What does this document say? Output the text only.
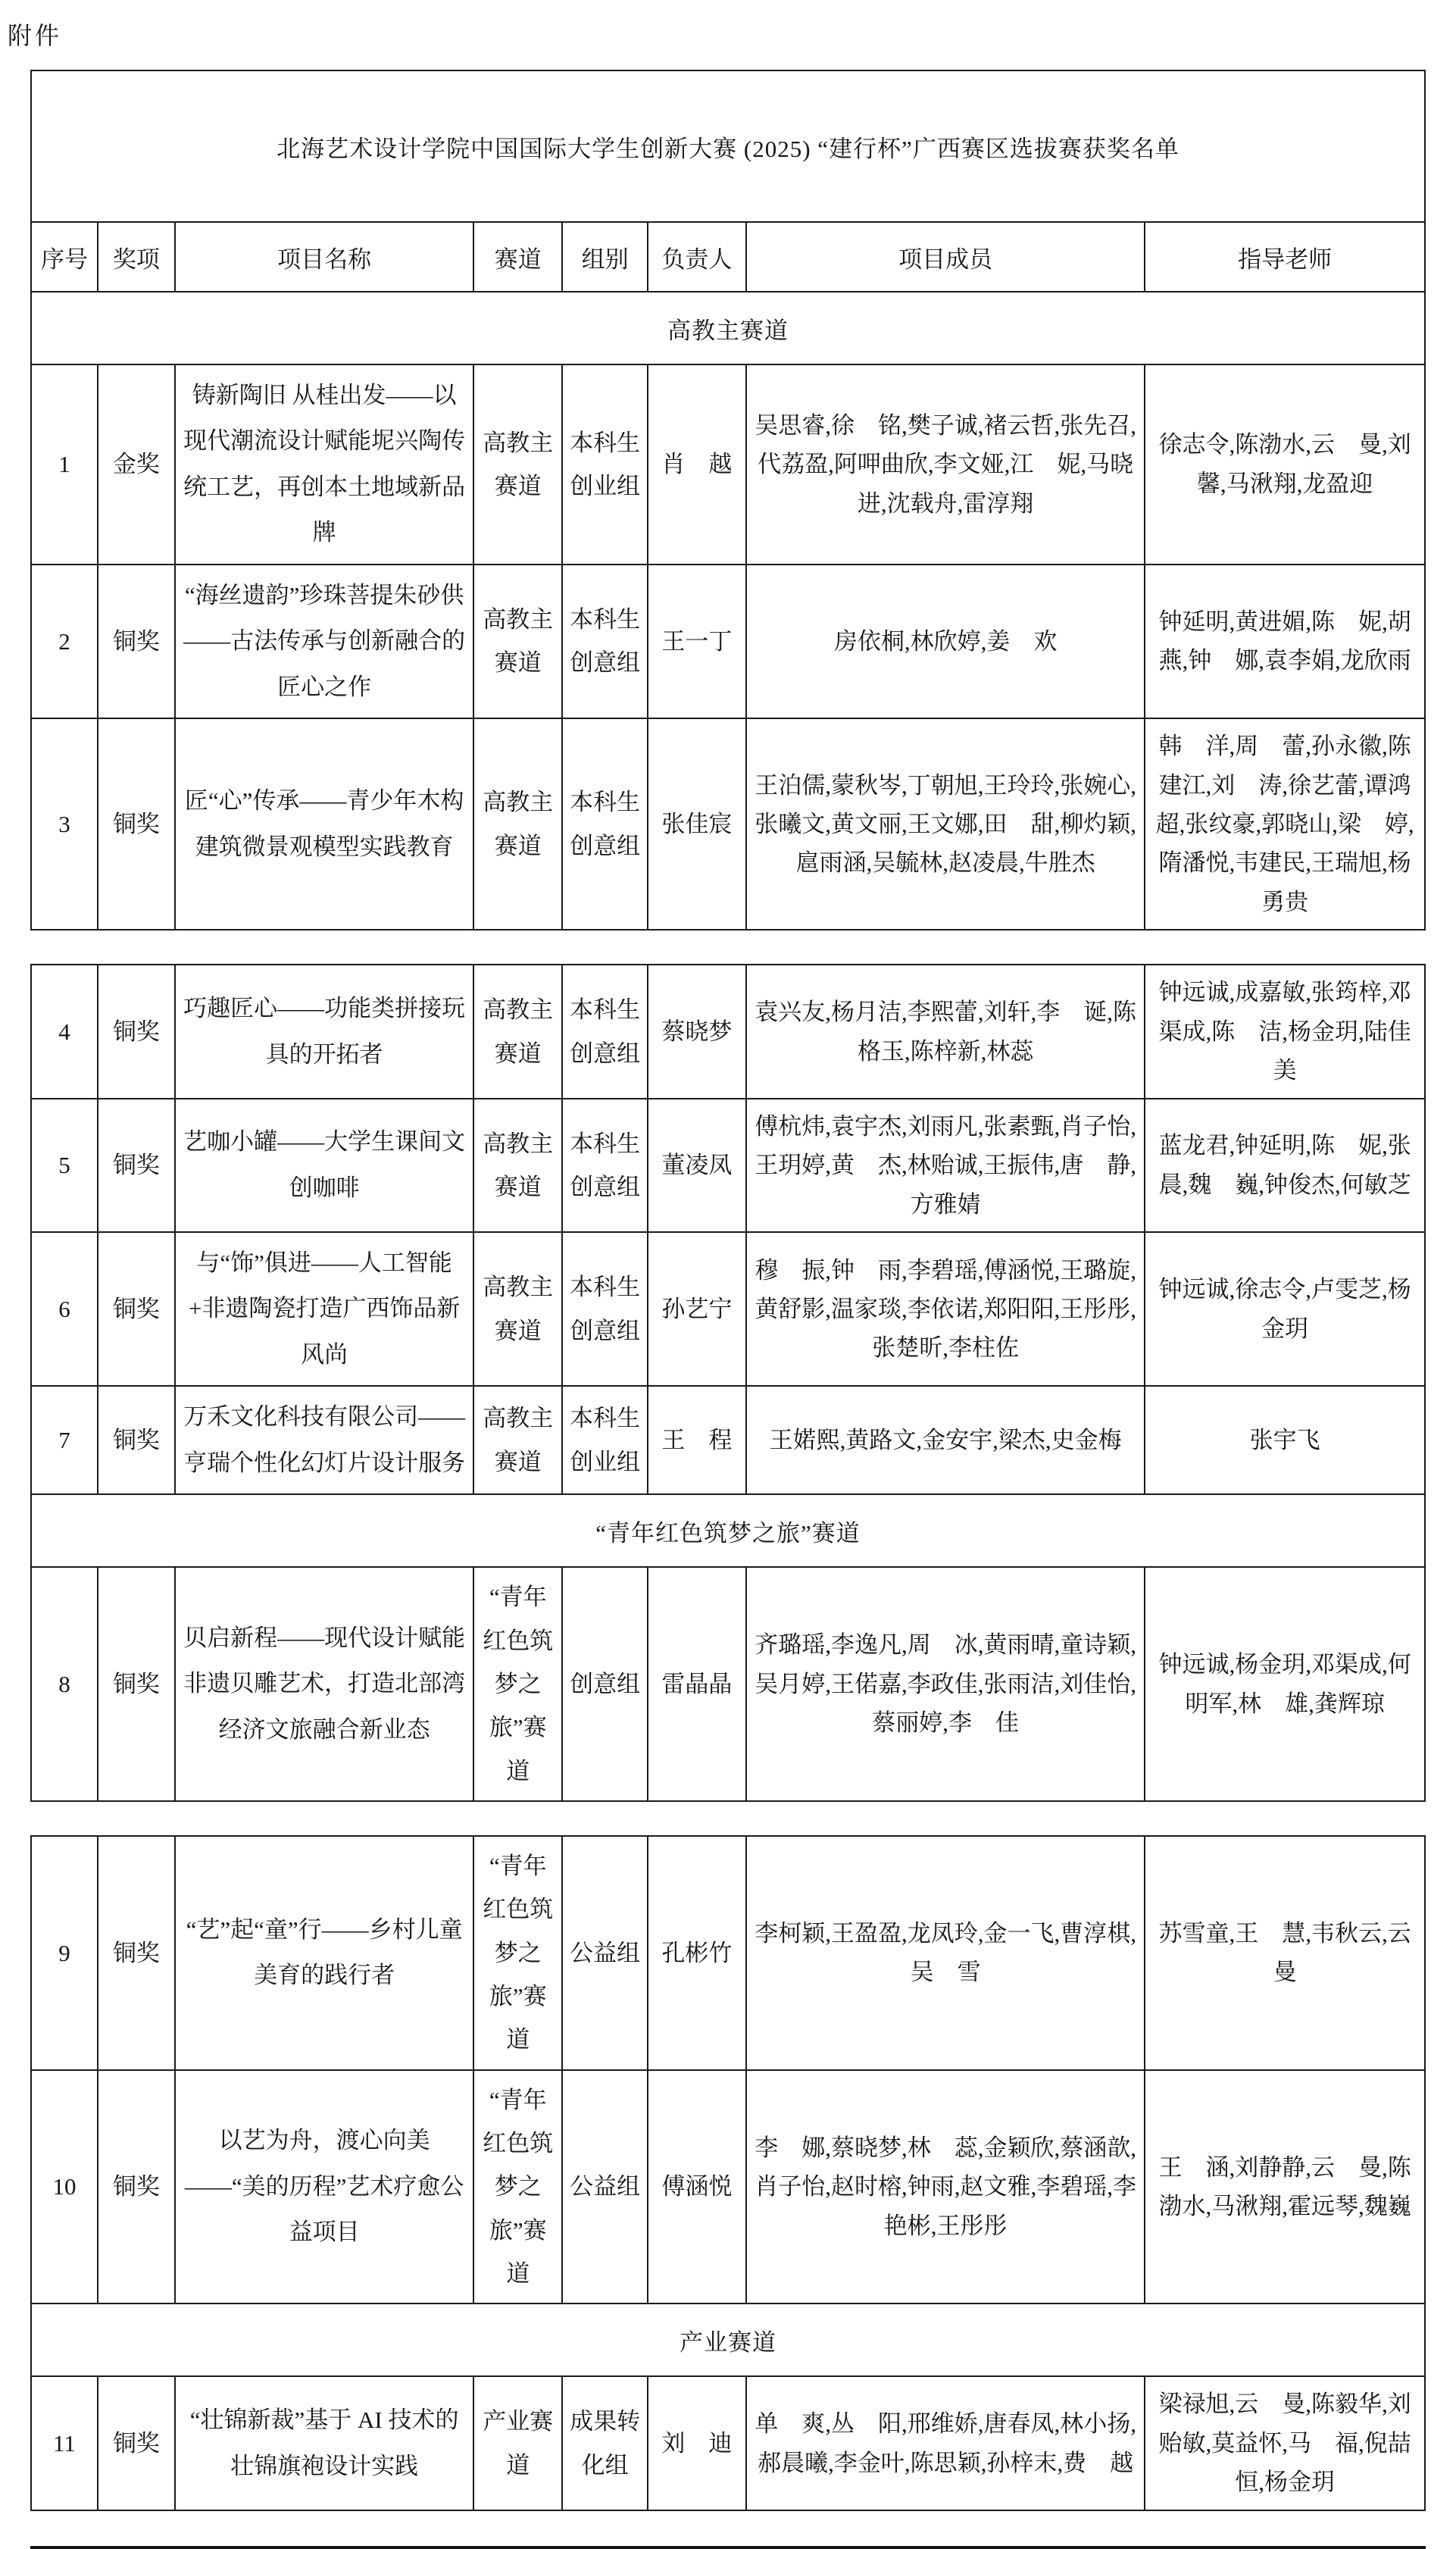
附件
北海艺术设计学院中国国际大学生创新大赛 (2025) “建行杯”广西赛区选拔赛获奖名单							
序号	奖项	项目名称	赛道	组别	负责人	项目成员	指导老师
高教主赛道							
1	金奖	铸新陶旧 从桂出发——以现代潮流设计赋能坭兴陶传统工艺，再创本土地域新品牌	高教主赛道	本科生创业组	肖　越	吴思睿,徐　铭,樊子诚,褚云哲,张先召,代荔盈,阿呷曲欣,李文娅,江　妮,马晓进,沈载舟,雷淳翔	徐志令,陈渤水,云　曼,刘馨,马湫翔,龙盈迎
2	铜奖	“海丝遗韵”珍珠菩提朱砂供——古法传承与创新融合的匠心之作	高教主赛道	本科生创意组	王一丁	房依桐,林欣婷,姜　欢	钟延明,黄进媚,陈　妮,胡燕,钟　娜,袁李娟,龙欣雨
3	铜奖	匠“心”传承——青少年木构建筑微景观模型实践教育	高教主赛道	本科生创意组	张佳宸	王泊儒,蒙秋岑,丁朝旭,王玲玲,张婉心,张曦文,黄文丽,王文娜,田　甜,柳灼颖,扈雨涵,吴毓林,赵凌晨,牛胜杰	韩　洋,周　蕾,孙永徽,陈建江,刘　涛,徐艺蕾,谭鸿超,张纹豪,郭晓山,梁　婷,隋潘悦,韦建民,王瑞旭,杨勇贵
4	铜奖	巧趣匠心——功能类拼接玩具的开拓者	高教主赛道	本科生创意组	蔡晓梦	袁兴友,杨月洁,李熙蕾,刘轩,李　诞,陈格玉,陈梓新,林蕊	钟远诚,成嘉敏,张筠梓,邓渠成,陈　洁,杨金玥,陆佳美
5	铜奖	艺咖小罐——大学生课间文创咖啡	高教主赛道	本科生创意组	董凌凤	傅杭炜,袁宇杰,刘雨凡,张素甄,肖子怡,王玥婷,黄　杰,林贻诚,王振伟,唐　静,方雅婧	蓝龙君,钟延明,陈　妮,张晨,魏　巍,钟俊杰,何敏芝
6	铜奖	与“饰”俱进——人工智能+非遗陶瓷打造广西饰品新风尚	高教主赛道	本科生创意组	孙艺宁	穆　振,钟　雨,李碧瑶,傅涵悦,王璐旋,黄舒影,温家琰,李依诺,郑阳阳,王彤彤,张楚昕,李柱佐	钟远诚,徐志令,卢雯芝,杨金玥
7	铜奖	万禾文化科技有限公司——亨瑞个性化幻灯片设计服务	高教主赛道	本科生创业组	王　程	王婼熙,黄路文,金安宇,梁杰,史金梅	张宇飞
“青年红色筑梦之旅”赛道							
8	铜奖	贝启新程——现代设计赋能非遗贝雕艺术，打造北部湾经济文旅融合新业态	“青年红色筑梦之旅”赛道	创意组	雷晶晶	齐璐瑶,李逸凡,周　冰,黄雨晴,童诗颖,吴月婷,王偌嘉,李政佳,张雨洁,刘佳怡,蔡丽婷,李　佳	钟远诚,杨金玥,邓渠成,何明军,林　雄,龚辉琼
9	铜奖	“艺”起“童”行——乡村儿童美育的践行者	“青年红色筑梦之旅”赛道	公益组	孔彬竹	李柯颖,王盈盈,龙凤玲,金一飞,曹淳棋,吴　雪	苏雪童,王　慧,韦秋云,云曼
10	铜奖	以艺为舟，渡心向美——“美的历程”艺术疗愈公益项目	“青年红色筑梦之旅”赛道	公益组	傅涵悦	李　娜,蔡晓梦,林　蕊,金颖欣,蔡涵歆,肖子怡,赵时榕,钟雨,赵文雅,李碧瑶,李艳彬,王彤彤	王　涵,刘静静,云　曼,陈渤水,马湫翔,霍远琴,魏巍
产业赛道							
11	铜奖	“壮锦新裁”基于 AI 技术的壮锦旗袍设计实践	产业赛道	成果转化组	刘　迪	单　爽,丛　阳,邢维娇,唐春凤,林小扬,郝晨曦,李金叶,陈思颖,孙梓末,费　越	梁禄旭,云　曼,陈毅华,刘贻敏,莫益怀,马　福,倪喆恒,杨金玥
